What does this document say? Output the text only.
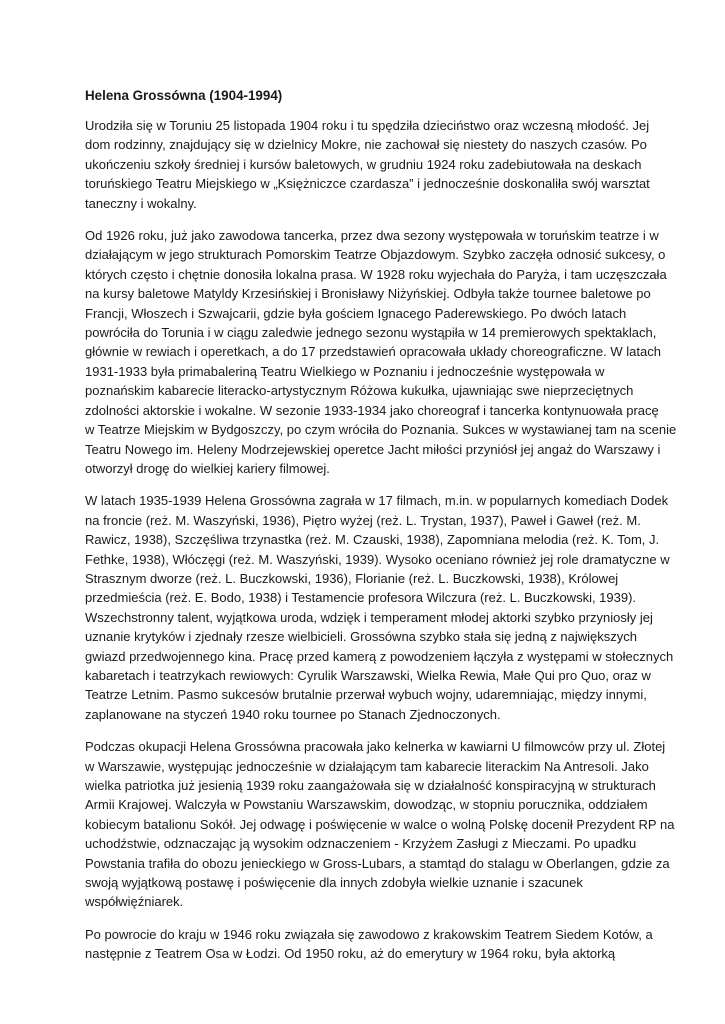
Helena Grossówna (1904-1994)
Urodziła się w Toruniu 25 listopada 1904 roku i tu spędziła dzieciństwo oraz wczesną młodość. Jej
dom rodzinny, znajdujący się w dzielnicy Mokre, nie zachował się niestety do naszych czasów. Po
ukończeniu szkoły średniej i kursów baletowych, w grudniu 1924 roku zadebiutowała na deskach
toruńskiego Teatru Miejskiego w „Księżniczce czardasza” i jednocześnie doskonaliła swój warsztat
taneczny i wokalny.
Od 1926 roku, już jako zawodowa tancerka, przez dwa sezony występowała w toruńskim teatrze i w
działającym w jego strukturach Pomorskim Teatrze Objazdowym. Szybko zaczęła odnosić sukcesy, o
których często i chętnie donosiła lokalna prasa. W 1928 roku wyjechała do Paryża, i tam uczęszczała
na kursy baletowe Matyldy Krzesińskiej i Bronisławy Niżyńskiej. Odbyła także tournee baletowe po
Francji, Włoszech i Szwajcarii, gdzie była gościem Ignacego Paderewskiego. Po dwóch latach
powróciła do Torunia i w ciągu zaledwie jednego sezonu wystąpiła w 14 premierowych spektaklach,
głównie w rewiach i operetkach, a do 17 przedstawień opracowała układy choreograficzne. W latach
1931-1933 była primabaleriną Teatru Wielkiego w Poznaniu i jednocześnie występowała w
poznańskim kabarecie literacko-artystycznym Różowa kukułka, ujawniając swe nieprzeciętnych
zdolności aktorskie i wokalne. W sezonie 1933-1934 jako choreograf i tancerka kontynuowała pracę
w Teatrze Miejskim w Bydgoszczy, po czym wróciła do Poznania. Sukces w wystawianej tam na scenie
Teatru Nowego im. Heleny Modrzejewskiej operetce Jacht miłości przyniósł jej angaż do Warszawy i
otworzył drogę do wielkiej kariery filmowej.
W latach 1935-1939 Helena Grossówna zagrała w 17 filmach, m.in. w popularnych komediach Dodek
na froncie (reż. M. Waszyński, 1936), Piętro wyżej (reż. L. Trystan, 1937), Paweł i Gaweł (reż. M.
Rawicz, 1938), Szczęśliwa trzynastka (reż. M. Czauski, 1938), Zapomniana melodia (reż. K. Tom, J.
Fethke, 1938), Włóczęgi (reż. M. Waszyński, 1939). Wysoko oceniano również jej role dramatyczne w
Strasznym dworze (reż. L. Buczkowski, 1936), Florianie (reż. L. Buczkowski, 1938), Królowej
przedmieścia (reż. E. Bodo, 1938) i Testamencie profesora Wilczura (reż. L. Buczkowski, 1939).
Wszechstronny talent, wyjątkowa uroda, wdzięk i temperament młodej aktorki szybko przyniosły jej
uznanie krytyków i zjednały rzesze wielbicieli. Grossówna szybko stała się jedną z największych
gwiazd przedwojennego kina. Pracę przed kamerą z powodzeniem łączyła z występami w stołecznych
kabaretach i teatrzykach rewiowych: Cyrulik Warszawski, Wielka Rewia, Małe Qui pro Quo, oraz w
Teatrze Letnim. Pasmo sukcesów brutalnie przerwał wybuch wojny, udaremniając, między innymi,
zaplanowane na styczeń 1940 roku tournee po Stanach Zjednoczonych.
Podczas okupacji Helena Grossówna pracowała jako kelnerka w kawiarni U filmowców przy ul. Złotej
w Warszawie, występując jednocześnie w działającym tam kabarecie literackim Na Antresoli. Jako
wielka patriotka już jesienią 1939 roku zaangażowała się w działalność konspiracyjną w strukturach
Armii Krajowej. Walczyła w Powstaniu Warszawskim, dowodząc, w stopniu porucznika, oddziałem
kobiecym batalionu Sokół. Jej odwagę i poświęcenie w walce o wolną Polskę docenił Prezydent RP na
uchodźstwie, odznaczając ją wysokim odznaczeniem - Krzyżem Zasługi z Mieczami. Po upadku
Powstania trafiła do obozu jenieckiego w Gross-Lubars, a stamtąd do stalagu w Oberlangen, gdzie za
swoją wyjątkową postawę i poświęcenie dla innych zdobyła wielkie uznanie i szacunek
współwięźniarek.
Po powrocie do kraju w 1946 roku związała się zawodowo z krakowskim Teatrem Siedem Kotów, a
następnie z Teatrem Osa w Łodzi. Od 1950 roku, aż do emerytury w 1964 roku, była aktorką
